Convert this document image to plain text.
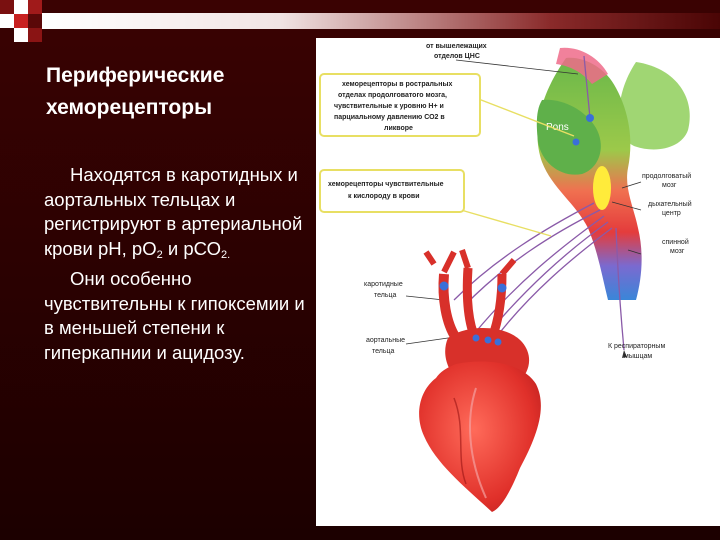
Периферические
хеморецепторы

Находятся в каротидных и аортальных тельцах и регистрируют в артериальной крови рН, $рО_2$ и рСО$_{2.}$

Они особенно чувствительны к гипоксемии и в меньшей степени к гиперкапнии и ацидозу.

Pons
хеморецепторы в ростральных
отделах продолговатого мозга,
чувствительные к уровню Н+ и
парциальному давлению СО2 в
ликворе
хеморецепторы чувствительные
к кислороду в крови
от вышележащих
отделов ЦНС
продолговатый
мозг
дыхательный
центр
спинной
мозг
каротидные
тельца
аортальные
тельца
К респираторным
мышцам
